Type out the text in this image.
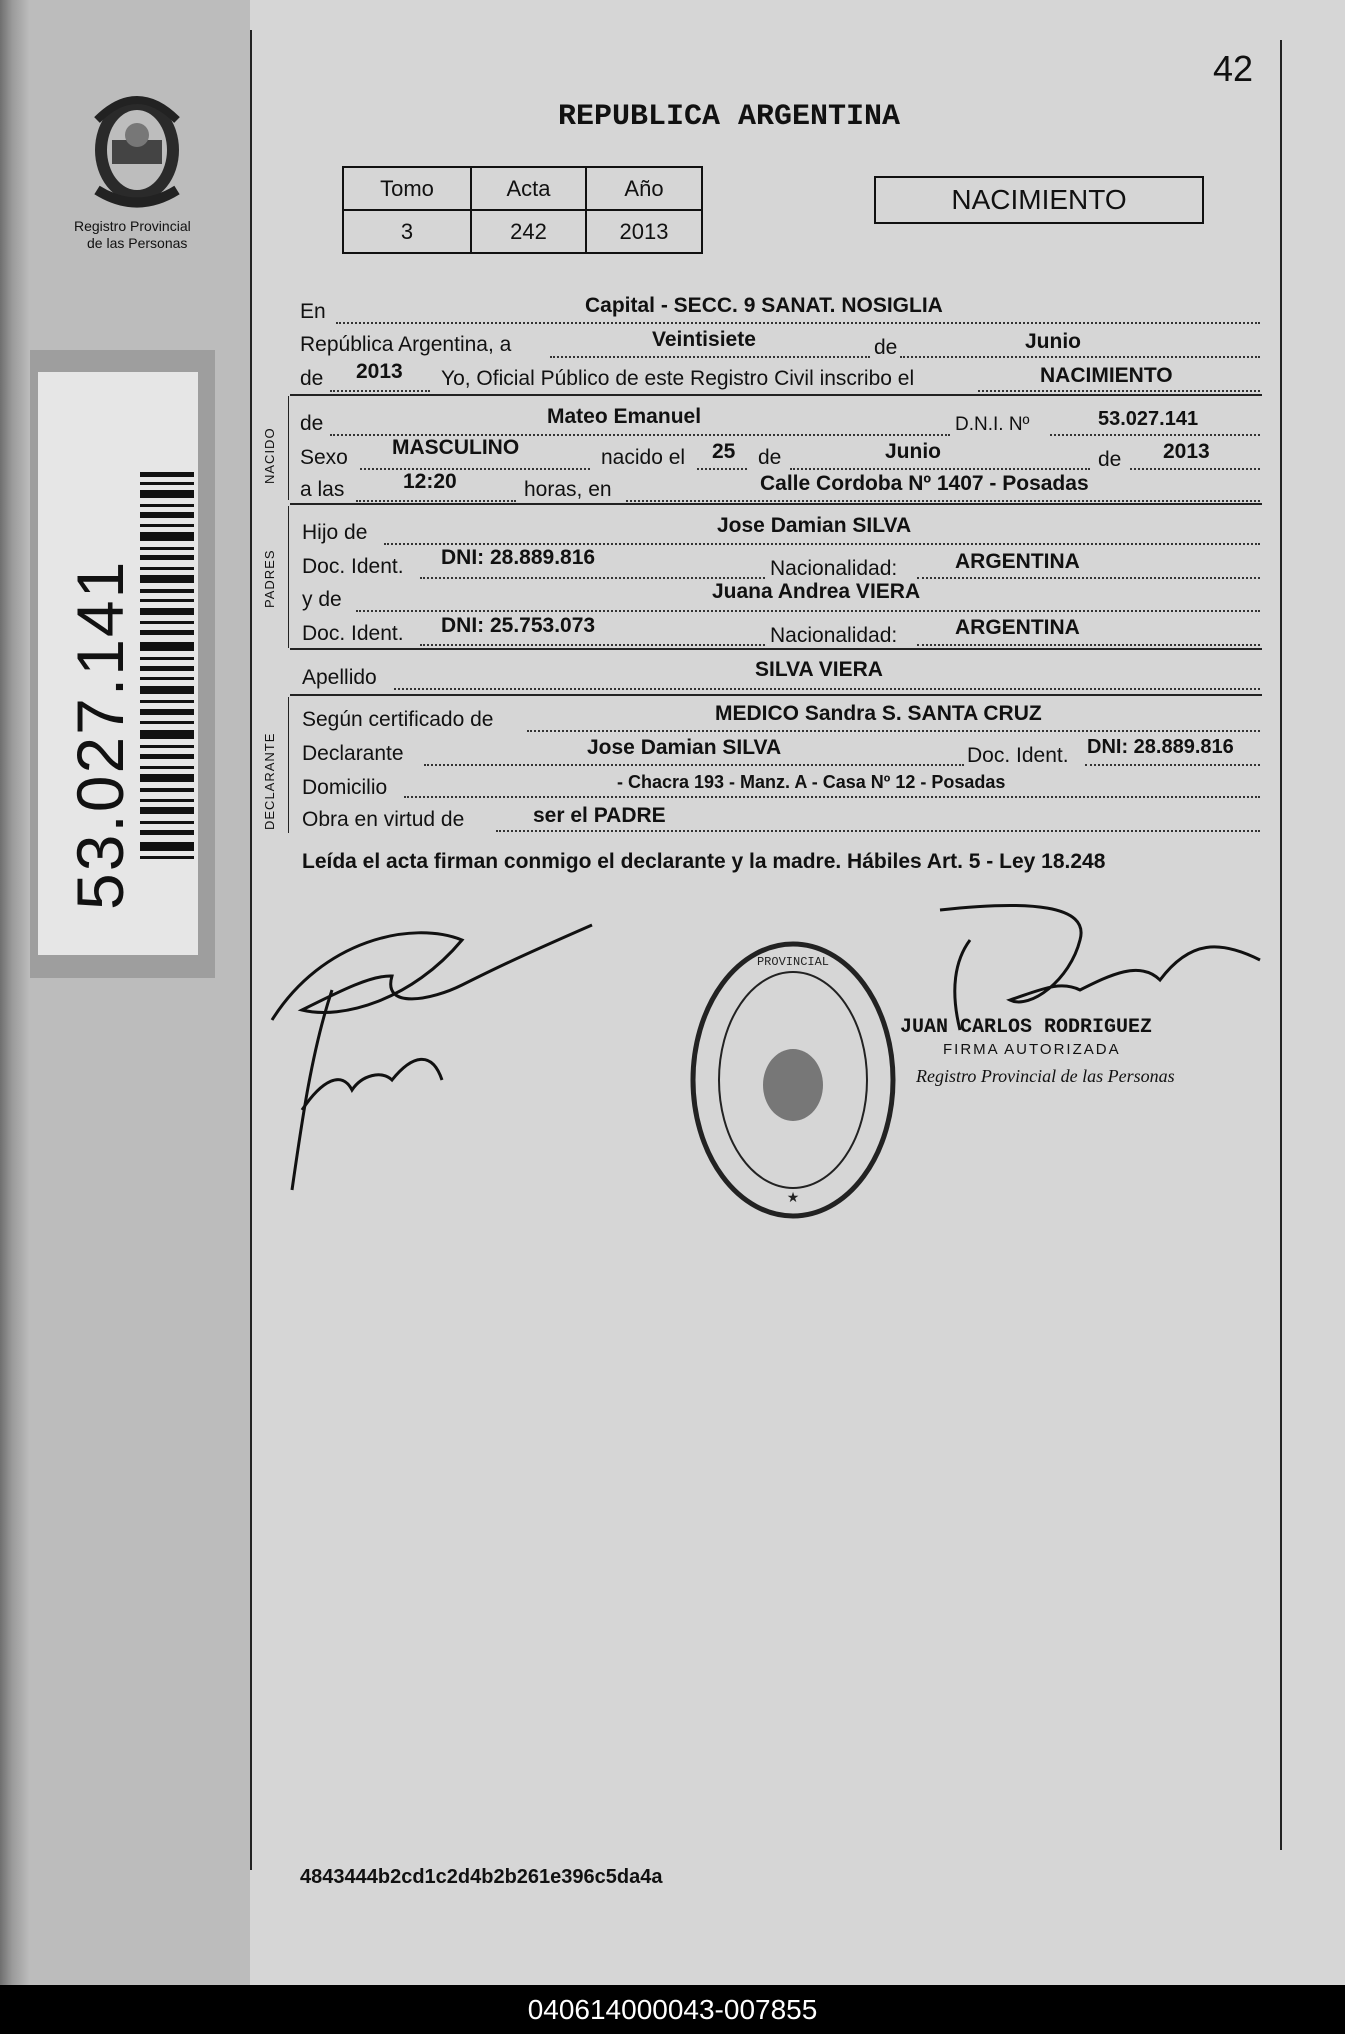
Registro Provincial
de las Personas
53.027.141
42
REPUBLICA ARGENTINA
Tomo	Acta	Año
3	242	2013
NACIMIENTO
En	Capital - SECC. 9 SANAT. NOSIGLIA
República Argentina, a	Veintisiete	de	Junio
de 2013 Yo, Oficial Público de este Registro Civil inscribo el	NACIMIENTO
NACIDO
de	Mateo Emanuel	D.N.I. Nº	53.027.141
Sexo MASCULINO	nacido el 25 de	Junio	de 2013
a las	12:20	horas, en	Calle Cordoba Nº 1407 - Posadas
PADRES
Hijo de	Jose Damian SILVA
Doc. Ident. DNI: 28.889.816	Nacionalidad:	ARGENTINA
y de	Juana Andrea VIERA
Doc. Ident. DNI: 25.753.073	Nacionalidad:	ARGENTINA
Apellido	SILVA VIERA
DECLARANTE
Según certificado de	MEDICO Sandra S. SANTA CRUZ
Declarante	Jose Damian SILVA	Doc. Ident. DNI: 28.889.816
Domicilio	- Chacra 193 - Manz. A - Casa Nº 12 - Posadas
Obra en virtud de	ser el PADRE
Leída el acta firman conmigo el declarante y la madre. Hábiles Art. 5 - Ley 18.248
PROVINCIAL
★
JUAN CARLOS RODRIGUEZ
FIRMA AUTORIZADA
Registro Provincial de las Personas
4843444b2cd1c2d4b2b261e396c5da4a
040614000043-007855
